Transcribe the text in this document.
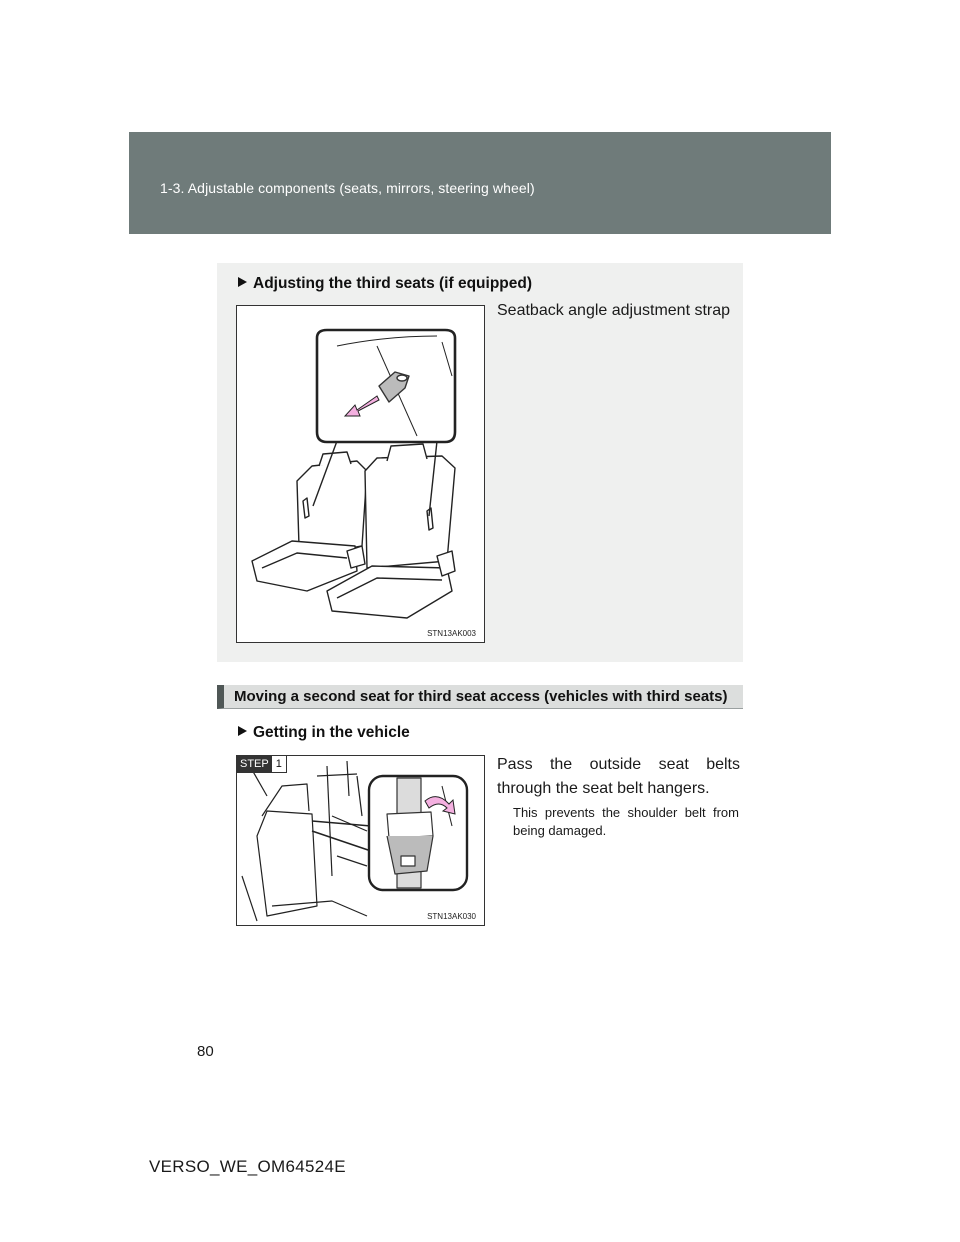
1-3. Adjustable components (seats, mirrors, steering wheel)
Adjusting the third seats (if equipped)
Seatback angle adjustment strap
STN13AK003
Moving a second seat for third seat access (vehicles with third seats)
Getting in the vehicle
Pass the outside seat belts through the seat belt hangers.
This prevents the shoulder belt from being damaged.
STEP 1
STN13AK030
80
VERSO_WE_OM64524E
